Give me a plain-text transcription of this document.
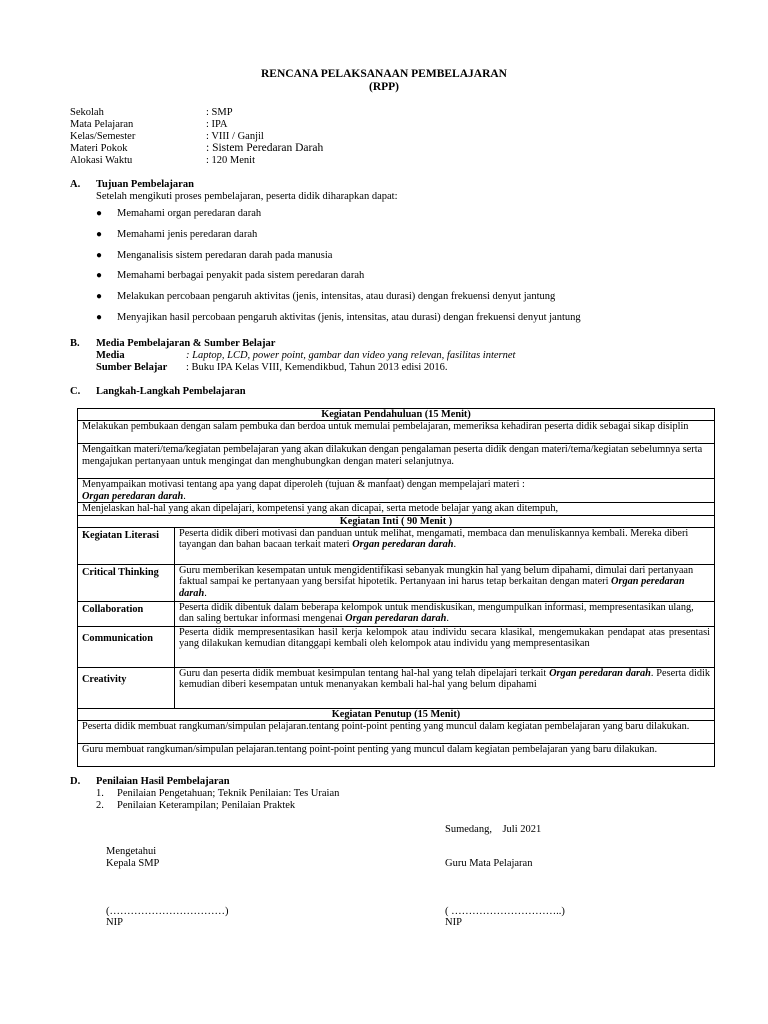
RENCANA PELAKSANAAN PEMBELAJARAN
(RPP)
Sekolah	: SMP
Mata Pelajaran	: IPA
Kelas/Semester	: VIII / Ganjil
Materi Pokok	: Sistem Peredaran Darah
Alokasi Waktu	: 120 Menit
A. Tujuan Pembelajaran
Setelah mengikuti proses pembelajaran, peserta didik diharapkan dapat:
● Memahami organ peredaran darah
● Memahami jenis peredaran darah
● Menganalisis sistem peredaran darah pada manusia
● Memahami berbagai penyakit pada sistem peredaran darah
● Melakukan percobaan pengaruh aktivitas (jenis, intensitas, atau durasi) dengan frekuensi denyut jantung
● Menyajikan hasil percobaan pengaruh aktivitas (jenis, intensitas, atau durasi) dengan frekuensi denyut jantung
B. Media Pembelajaran & Sumber Belajar
Media	: Laptop, LCD, power point, gambar dan video yang relevan, fasilitas internet
Sumber Belajar : Buku IPA Kelas VIII, Kemendikbud, Tahun 2013 edisi 2016.
C. Langkah-Langkah Pembelajaran
Kegiatan Pendahuluan (15 Menit)	
Melakukan pembukaan dengan salam pembuka dan berdoa untuk memulai pembelajaran, memeriksa kehadiran peserta didik sebagai sikap disiplin	
Mengaitkan materi/tema/kegiatan pembelajaran yang akan dilakukan dengan pengalaman peserta didik dengan materi/tema/kegiatan sebelumnya serta mengajukan pertanyaan untuk mengingat dan menghubungkan dengan materi selanjutnya.	
Menyampaikan motivasi tentang apa yang dapat diperoleh (tujuan & manfaat) dengan mempelajari materi :
Organ peredaran darah.	
Menjelaskan hal-hal yang akan dipelajari, kompetensi yang akan dicapai, serta metode belajar yang akan ditempuh,	
Kegiatan Inti ( 90 Menit )	
Kegiatan Literasi	Peserta didik diberi motivasi dan panduan untuk melihat, mengamati, membaca dan menuliskannya kembali. Mereka diberi tayangan dan bahan bacaan terkait materi Organ peredaran darah.
Critical Thinking	Guru memberikan kesempatan untuk mengidentifikasi sebanyak mungkin hal yang belum dipahami, dimulai dari pertanyaan faktual sampai ke pertanyaan yang bersifat hipotetik. Pertanyaan ini harus tetap berkaitan dengan materi Organ peredaran darah.
Collaboration	Peserta didik dibentuk dalam beberapa kelompok untuk mendiskusikan, mengumpulkan informasi, mempresentasikan ulang, dan saling bertukar informasi mengenai Organ peredaran darah.
Communication	Peserta didik mempresentasikan hasil kerja kelompok atau individu secara klasikal, mengemukakan pendapat atas presentasi yang dilakukan kemudian ditanggapi kembali oleh kelompok atau individu yang mempresentasikan
Creativity	Guru dan peserta didik membuat kesimpulan tentang hal-hal yang telah dipelajari terkait Organ peredaran darah. Peserta didik kemudian diberi kesempatan untuk menanyakan kembali hal-hal yang belum dipahami
Kegiatan Penutup (15 Menit)	
Peserta didik membuat rangkuman/simpulan pelajaran.tentang point-point penting yang muncul dalam kegiatan pembelajaran yang baru dilakukan.	
Guru membuat rangkuman/simpulan pelajaran.tentang point-point penting yang muncul dalam kegiatan pembelajaran yang baru dilakukan.	
D. Penilaian Hasil Pembelajaran
1. Penilaian Pengetahuan; Teknik Penilaian: Tes Uraian
2. Penilaian Keterampilan; Penilaian Praktek
Sumedang,    Juli 2021
Mengetahui
Kepala SMP	Guru Mata Pelajaran
(……………………………)	( …………………………..)
NIP	NIP
